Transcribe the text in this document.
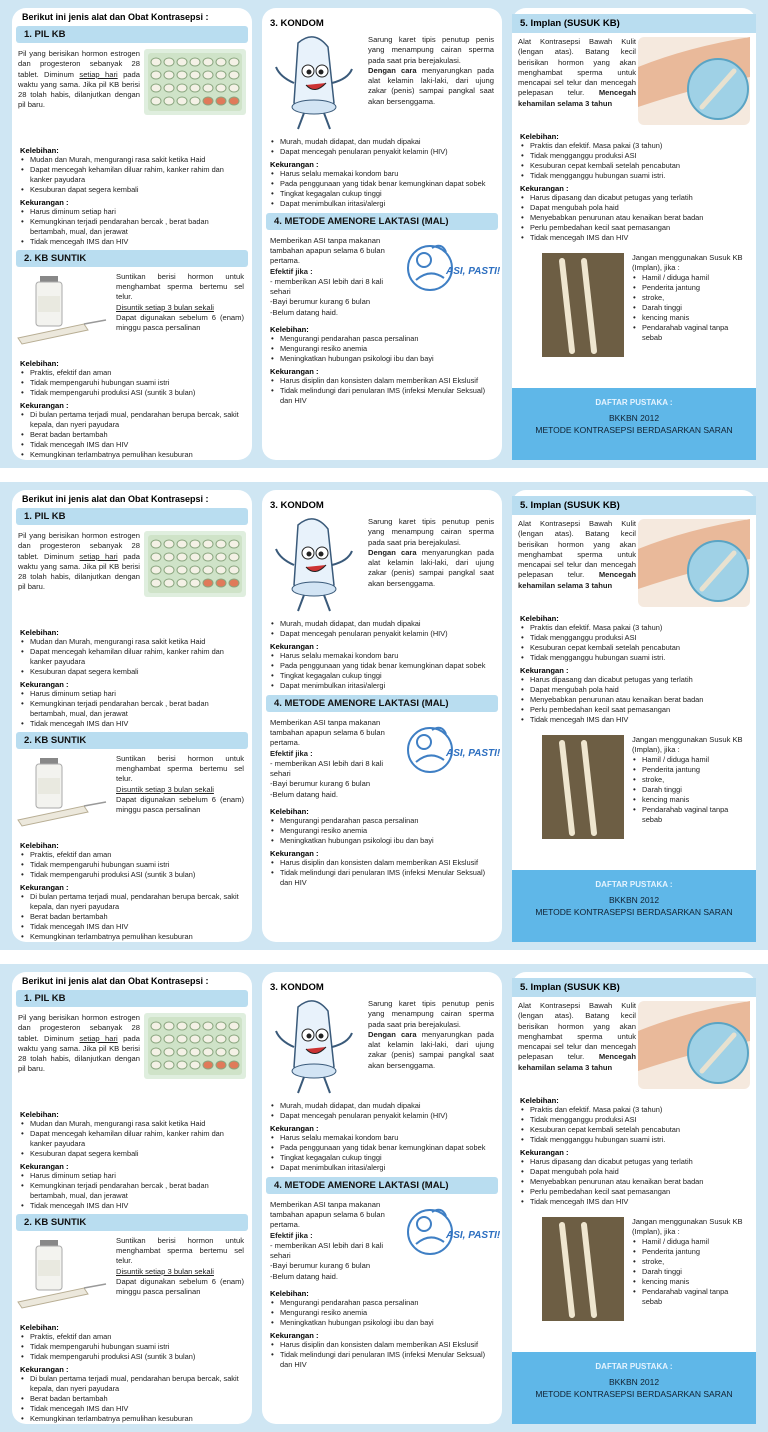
Berikut ini jenis alat dan Obat Kontrasepsi :
1. PIL KB
Pil yang berisikan hormon estrogen dan progesteron sebanyak 28 tablet. Diminum setiap hari pada waktu yang sama. Jika pil KB berisi 28 tolah habis, dilanjutkan dengan pil baru.
Kelebihan:
• Mudan dan Murah, mengurangi rasa sakit ketika Haid
• Dapat mencegah kehamilan diluar rahim, kanker rahim dan kanker payudara
• Kesuburan dapat segera kembali
Kekurangan :
• Harus diminum setiap hari
• Kemungkinan terjadi pendarahan bercak , berat badan bertambah, mual, dan jerawat
• Tidak mencegah IMS dan HIV
2. KB SUNTIK
Suntikan berisi hormon untuk menghambat sperma bertemu sel telur.
Disuntik setiap 3 bulan sekali
Dapat digunakan sebelum 6 (enam) minggu pasca persalinan
Kelebihan:
• Praktis, efektif dan aman
• Tidak mempengaruhi hubungan suami istri
• Tidak mempengaruhi produksi ASI (suntik 3 bulan)
Kekurangan :
• Di bulan pertama terjadi mual, pendarahan berupa bercak, sakit kepala, dan nyeri payudara
• Berat badan bertambah
• Tidak mencegah IMS dan HIV
• Kemungkinan terlambatnya pemulihan kesuburan
3. KONDOM
Sarung karet tipis penutup penis yang menampung cairan sperma pada saat pria berejakulasi.
Dengan cara menyarungkan pada alat kelamin laki-laki, dari ujung zakar (penis) sampai pangkal saat akan bersenggama.
• Murah, mudah didapat, dan mudah dipakai
• Dapat mencegah penularan penyakit kelamin (HIV)
Kekurangan :
• Harus selalu memakai kondom baru
• Pada penggunaan yang tidak benar kemungkinan dapat sobek
• Tingkat kegagalan cukup tinggi
• Dapat menimbulkan iritasi/alergi
4. METODE AMENORE LAKTASI (MAL)
Memberikan ASI tanpa makanan tambahan apapun selama 6 bulan pertama.
Efektif jika :
- memberikan ASI lebih dari 8 kali sehari
-Bayi berumur kurang 6 bulan
-Belum datang haid.
ASI, PASTI!
Kelebihan:
• Mengurangi pendarahan pasca persalinan
• Mengurangi resiko anemia
• Meningkatkan hubungan psikologi ibu dan bayi
Kekurangan :
• Harus disiplin dan konsisten dalam memberikan ASI Ekslusif
• Tidak melindungi dari penularan IMS (infeksi Menular Seksual) dan HIV
5. Implan (SUSUK KB)
Alat Kontrasepsi Bawah Kulit (lengan atas). Batang kecil berisikan hormon yang akan menghambat sperma untuk mencapai sel telur dan mencegah pelepasan telur. Mencegah kehamilan selama 3 tahun
Kelebihan:
• Praktis dan efektif. Masa pakai (3 tahun)
• Tidak mengganggu produksi ASI
• Kesuburan cepat kembali setelah pencabutan
• Tidak mengganggu hubungan suami istri.
Kekurangan :
• Harus dipasang dan dicabut petugas yang terlatih
• Dapat mengubah pola haid
• Menyebabkan penurunan atau kenaikan berat badan
• Perlu pembedahan kecil saat pemasangan
• Tidak mencegah IMS dan HIV
Jangan menggunakan Susuk KB (Implan), jika :
• Hamil / diduga hamil
• Penderita jantung
• stroke,
• Darah tinggi
• kencing manis
• Pendarahab vaginal tanpa sebab
DAFTAR PUSTAKA :
BKKBN 2012
METODE KONTRASEPSI BERDASARKAN SARAN
Berikut ini jenis alat dan Obat Kontrasepsi :
1. PIL KB
Pil yang berisikan hormon estrogen dan progesteron sebanyak 28 tablet. Diminum setiap hari pada waktu yang sama. Jika pil KB berisi 28 tolah habis, dilanjutkan dengan pil baru.
Kelebihan:
• Mudan dan Murah, mengurangi rasa sakit ketika Haid
• Dapat mencegah kehamilan diluar rahim, kanker rahim dan kanker payudara
• Kesuburan dapat segera kembali
Kekurangan :
• Harus diminum setiap hari
• Kemungkinan terjadi pendarahan bercak , berat badan bertambah, mual, dan jerawat
• Tidak mencegah IMS dan HIV
2. KB SUNTIK
Suntikan berisi hormon untuk menghambat sperma bertemu sel telur.
Disuntik setiap 3 bulan sekali
Dapat digunakan sebelum 6 (enam) minggu pasca persalinan
Kelebihan:
• Praktis, efektif dan aman
• Tidak mempengaruhi hubungan suami istri
• Tidak mempengaruhi produksi ASI (suntik 3 bulan)
Kekurangan :
• Di bulan pertama terjadi mual, pendarahan berupa bercak, sakit kepala, dan nyeri payudara
• Berat badan bertambah
• Tidak mencegah IMS dan HIV
• Kemungkinan terlambatnya pemulihan kesuburan
3. KONDOM
Sarung karet tipis penutup penis yang menampung cairan sperma pada saat pria berejakulasi.
Dengan cara menyarungkan pada alat kelamin laki-laki, dari ujung zakar (penis) sampai pangkal saat akan bersenggama.
• Murah, mudah didapat, dan mudah dipakai
• Dapat mencegah penularan penyakit kelamin (HIV)
Kekurangan :
• Harus selalu memakai kondom baru
• Pada penggunaan yang tidak benar kemungkinan dapat sobek
• Tingkat kegagalan cukup tinggi
• Dapat menimbulkan iritasi/alergi
4. METODE AMENORE LAKTASI (MAL)
Memberikan ASI tanpa makanan tambahan apapun selama 6 bulan pertama.
Efektif jika :
- memberikan ASI lebih dari 8 kali sehari
-Bayi berumur kurang 6 bulan
-Belum datang haid.
ASI, PASTI!
Kelebihan:
• Mengurangi pendarahan pasca persalinan
• Mengurangi resiko anemia
• Meningkatkan hubungan psikologi ibu dan bayi
Kekurangan :
• Harus disiplin dan konsisten dalam memberikan ASI Ekslusif
• Tidak melindungi dari penularan IMS (infeksi Menular Seksual) dan HIV
5. Implan (SUSUK KB)
Alat Kontrasepsi Bawah Kulit (lengan atas). Batang kecil berisikan hormon yang akan menghambat sperma untuk mencapai sel telur dan mencegah pelepasan telur. Mencegah kehamilan selama 3 tahun
Kelebihan:
• Praktis dan efektif. Masa pakai (3 tahun)
• Tidak mengganggu produksi ASI
• Kesuburan cepat kembali setelah pencabutan
• Tidak mengganggu hubungan suami istri.
Kekurangan :
• Harus dipasang dan dicabut petugas yang terlatih
• Dapat mengubah pola haid
• Menyebabkan penurunan atau kenaikan berat badan
• Perlu pembedahan kecil saat pemasangan
• Tidak mencegah IMS dan HIV
Jangan menggunakan Susuk KB (Implan), jika :
• Hamil / diduga hamil
• Penderita jantung
• stroke,
• Darah tinggi
• kencing manis
• Pendarahab vaginal tanpa sebab
DAFTAR PUSTAKA :
BKKBN 2012
METODE KONTRASEPSI BERDASARKAN SARAN
Berikut ini jenis alat dan Obat Kontrasepsi :
1. PIL KB
Pil yang berisikan hormon estrogen dan progesteron sebanyak 28 tablet. Diminum setiap hari pada waktu yang sama. Jika pil KB berisi 28 tolah habis, dilanjutkan dengan pil baru.
Kelebihan:
• Mudan dan Murah, mengurangi rasa sakit ketika Haid
• Dapat mencegah kehamilan diluar rahim, kanker rahim dan kanker payudara
• Kesuburan dapat segera kembali
Kekurangan :
• Harus diminum setiap hari
• Kemungkinan terjadi pendarahan bercak , berat badan bertambah, mual, dan jerawat
• Tidak mencegah IMS dan HIV
2. KB SUNTIK
Suntikan berisi hormon untuk menghambat sperma bertemu sel telur.
Disuntik setiap 3 bulan sekali
Dapat digunakan sebelum 6 (enam) minggu pasca persalinan
Kelebihan:
• Praktis, efektif dan aman
• Tidak mempengaruhi hubungan suami istri
• Tidak mempengaruhi produksi ASI (suntik 3 bulan)
Kekurangan :
• Di bulan pertama terjadi mual, pendarahan berupa bercak, sakit kepala, dan nyeri payudara
• Berat badan bertambah
• Tidak mencegah IMS dan HIV
• Kemungkinan terlambatnya pemulihan kesuburan
3. KONDOM
Sarung karet tipis penutup penis yang menampung cairan sperma pada saat pria berejakulasi.
Dengan cara menyarungkan pada alat kelamin laki-laki, dari ujung zakar (penis) sampai pangkal saat akan bersenggama.
• Murah, mudah didapat, dan mudah dipakai
• Dapat mencegah penularan penyakit kelamin (HIV)
Kekurangan :
• Harus selalu memakai kondom baru
• Pada penggunaan yang tidak benar kemungkinan dapat sobek
• Tingkat kegagalan cukup tinggi
• Dapat menimbulkan iritasi/alergi
4. METODE AMENORE LAKTASI (MAL)
Memberikan ASI tanpa makanan tambahan apapun selama 6 bulan pertama.
Efektif jika :
- memberikan ASI lebih dari 8 kali sehari
-Bayi berumur kurang 6 bulan
-Belum datang haid.
ASI, PASTI!
Kelebihan:
• Mengurangi pendarahan pasca persalinan
• Mengurangi resiko anemia
• Meningkatkan hubungan psikologi ibu dan bayi
Kekurangan :
• Harus disiplin dan konsisten dalam memberikan ASI Ekslusif
• Tidak melindungi dari penularan IMS (infeksi Menular Seksual) dan HIV
5. Implan (SUSUK KB)
Alat Kontrasepsi Bawah Kulit (lengan atas). Batang kecil berisikan hormon yang akan menghambat sperma untuk mencapai sel telur dan mencegah pelepasan telur. Mencegah kehamilan selama 3 tahun
Kelebihan:
• Praktis dan efektif. Masa pakai (3 tahun)
• Tidak mengganggu produksi ASI
• Kesuburan cepat kembali setelah pencabutan
• Tidak mengganggu hubungan suami istri.
Kekurangan :
• Harus dipasang dan dicabut petugas yang terlatih
• Dapat mengubah pola haid
• Menyebabkan penurunan atau kenaikan berat badan
• Perlu pembedahan kecil saat pemasangan
• Tidak mencegah IMS dan HIV
Jangan menggunakan Susuk KB (Implan), jika :
• Hamil / diduga hamil
• Penderita jantung
• stroke,
• Darah tinggi
• kencing manis
• Pendarahab vaginal tanpa sebab
DAFTAR PUSTAKA :
BKKBN 2012
METODE KONTRASEPSI BERDASARKAN SARAN
